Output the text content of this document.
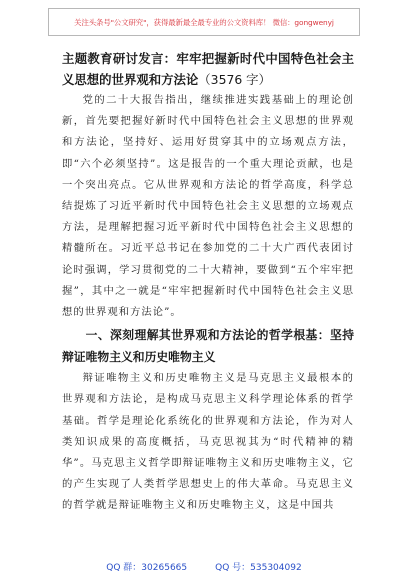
关注头条号"公文研究"，获得最新最全最专业的公文资料库！ 微信：gongwenyj

主题教育研讨发言：牢牢把握新时代中国特色社会主义思想的世界观和方法论（3576 字）

党的二十大报告指出，继续推进实践基础上的理论创新，首先要把握好新时代中国特色社会主义思想的世界观和方法论，坚持好、运用好贯穿其中的立场观点方法，即“六个必须坚持”。这是报告的一个重大理论贡献，也是一个突出亮点。它从世界观和方法论的哲学高度，科学总结提炼了习近平新时代中国特色社会主义思想的立场观点方法，是理解把握习近平新时代中国特色社会主义思想的精髓所在。习近平总书记在参加党的二十大广西代表团讨论时强调，学习贯彻党的二十大精神，要做到“五个牢牢把握”，其中之一就是“牢牢把握新时代中国特色社会主义思想的世界观和方法论”。

一、深刻理解其世界观和方法论的哲学根基：坚持辩证唯物主义和历史唯物主义

辩证唯物主义和历史唯物主义是马克思主义最根本的世界观和方法论，是构成马克思主义科学理论体系的哲学基础。哲学是理论化系统化的世界观和方法论，作为对人类知识成果的高度概括，马克思视其为“时代精神的精华”。马克思主义哲学即辩证唯物主义和历史唯物主义，它的产生实现了人类哲学思想史上的伟大革命。马克思主义的哲学就是辩证唯物主义和历史唯物主义，这是中国共

QQ 群：30265665	QQ 号：535304092
